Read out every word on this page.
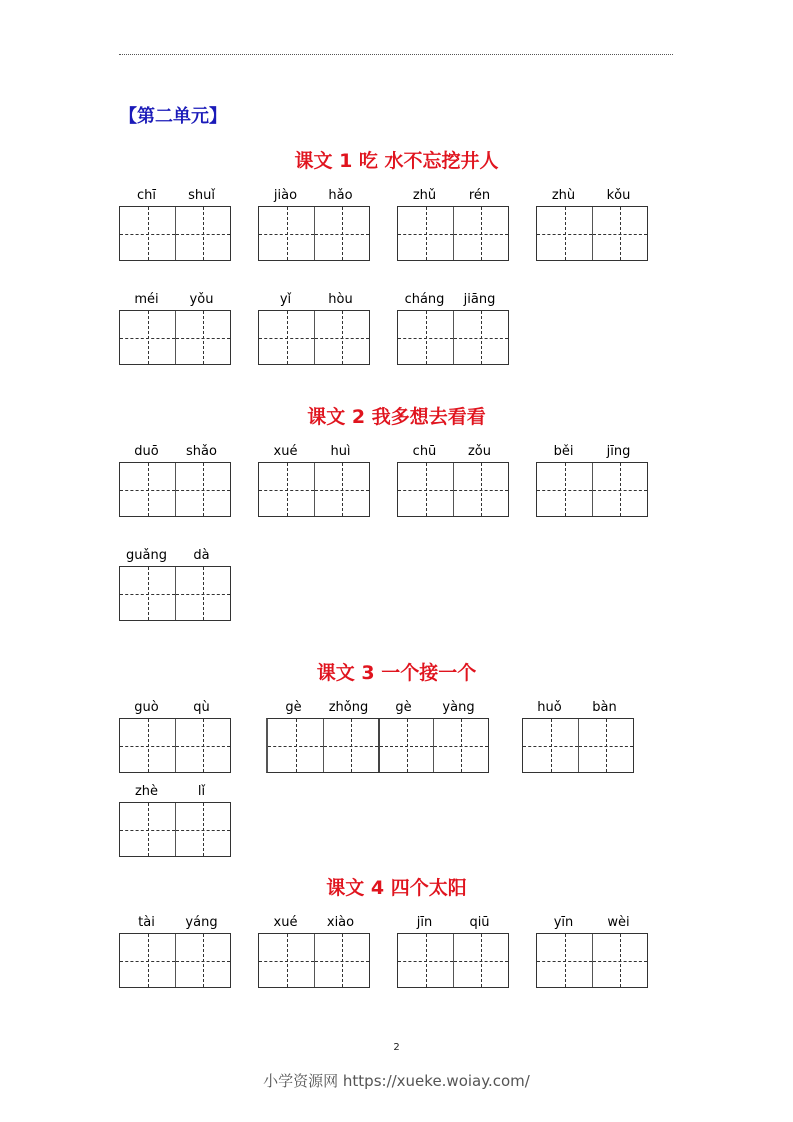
【第二单元】
课文 1 吃 水不忘挖井人
chī	shuǐ	jiào	hǎo	zhǔ	rén	zhù	kǒu
méi	yǒu	yǐ	hòu	cháng	jiāng
课文 2 我多想去看看
duō	shǎo	xué	huì	chū	zǒu	běi	jīng
guǎng	dà
课文 3 一个接一个
guò	qù	gè	zhǒng	gè	yàng	huǒ	bàn
zhè	lǐ
课文 4 四个太阳
tài	yáng	xué	xiào	jīn	qiū	yīn	wèi
2
小学资源网 https://xueke.woiay.com/
